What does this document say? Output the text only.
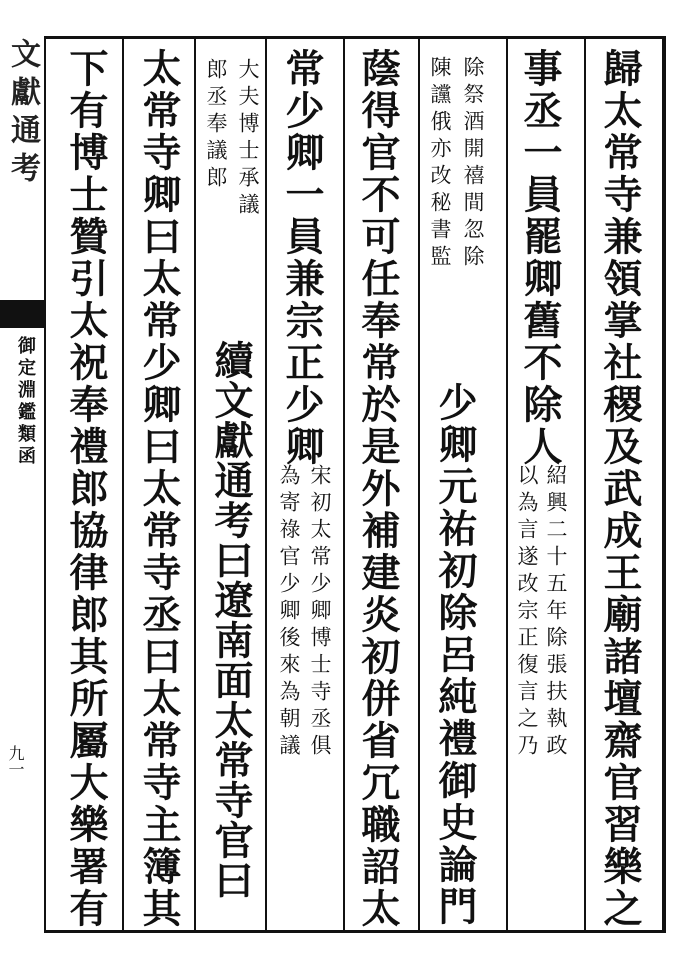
文獻通考
御定淵鑑類函
九一	歸太常寺兼領掌社稷及武成王廟諸壇齋官習樂之
事丞一員罷卿舊不除人
紹興二十五年除張扶執政
以為言遂改宗正復言之乃
除祭酒開禧間忽除
陳讜俄亦改秘書監
少卿元祐初除呂純禮御史論門
蔭得官不可任奉常於是外補建炎初併省冗職詔太
常少卿一員兼宗正少卿
宋初太常少卿博士寺丞俱
為寄祿官少卿後來為朝議
大夫博士承議
郎丞奉議郎
續文獻通考曰遼南面太常寺官曰
太常寺卿曰太常少卿曰太常寺丞曰太常寺主簿其
下有博士贊引太祝奉禮郎協律郎其所屬大樂署有
